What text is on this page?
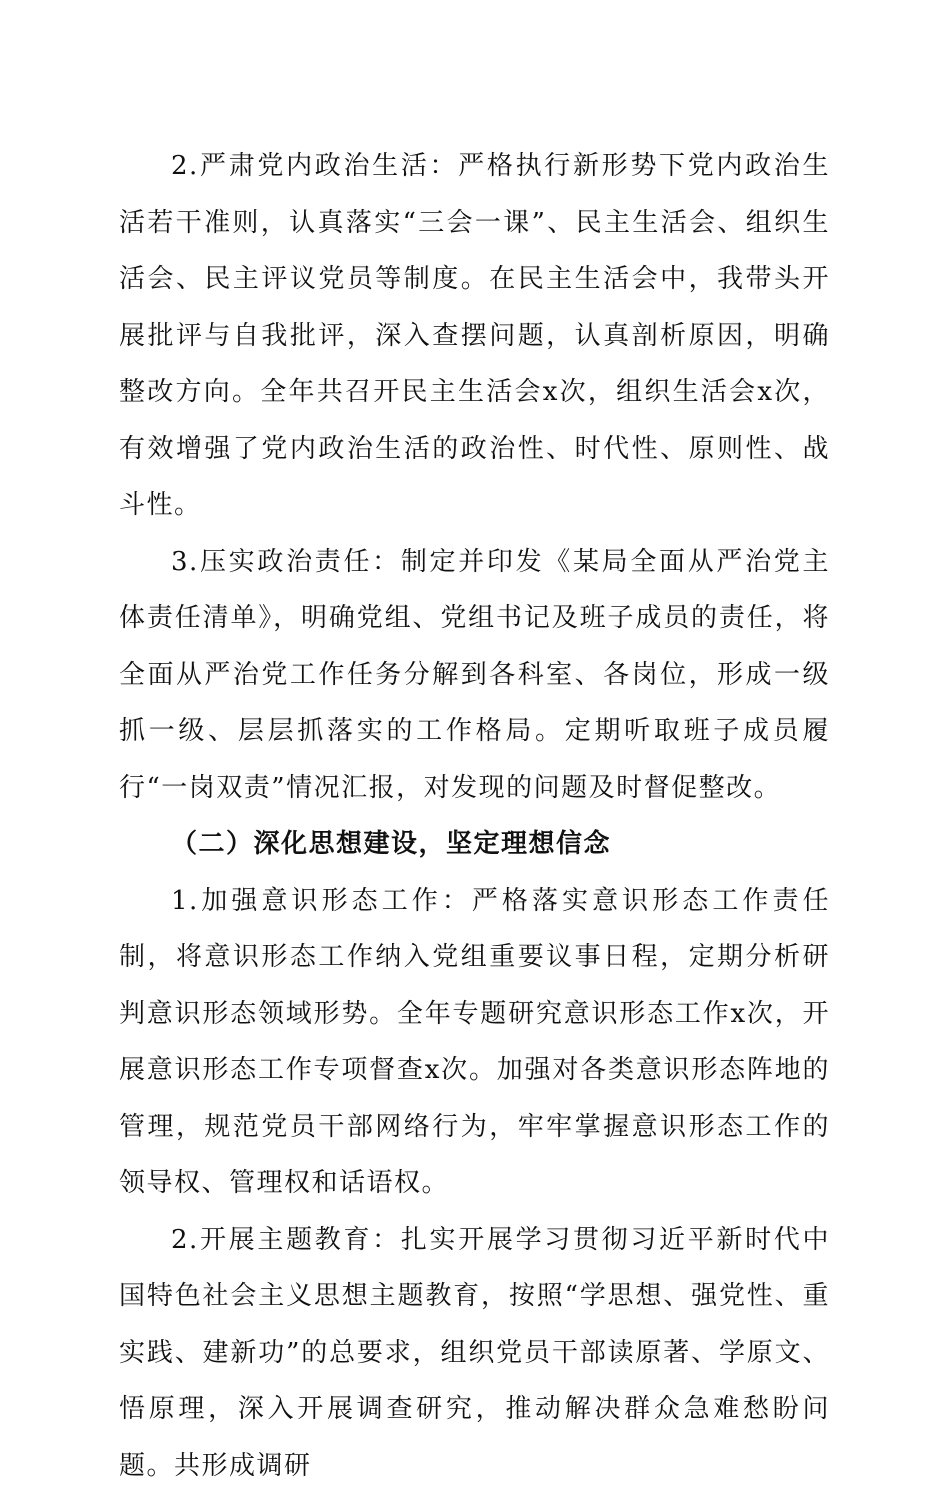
2.严肃党内政治生活：严格执行新形势下党内政治生活若干准则，认真落实“三会一课”、民主生活会、组织生活会、民主评议党员等制度。在民主生活会中，我带头开展批评与自我批评，深入查摆问题，认真剖析原因，明确整改方向。全年共召开民主生活会x次，组织生活会x次，有效增强了党内政治生活的政治性、时代性、原则性、战斗性。

3.压实政治责任：制定并印发《某局全面从严治党主体责任清单》，明确党组、党组书记及班子成员的责任，将全面从严治党工作任务分解到各科室、各岗位，形成一级抓一级、层层抓落实的工作格局。定期听取班子成员履行“一岗双责”情况汇报，对发现的问题及时督促整改。

（二）深化思想建设，坚定理想信念

1.加强意识形态工作：严格落实意识形态工作责任制，将意识形态工作纳入党组重要议事日程，定期分析研判意识形态领域形势。全年专题研究意识形态工作x次，开展意识形态工作专项督查x次。加强对各类意识形态阵地的管理，规范党员干部网络行为，牢牢掌握意识形态工作的领导权、管理权和话语权。

2.开展主题教育：扎实开展学习贯彻习近平新时代中国特色社会主义思想主题教育，按照“学思想、强党性、重实践、建新功”的总要求，组织党员干部读原著、学原文、悟原理，深入开展调查研究，推动解决群众急难愁盼问题。共形成调研
